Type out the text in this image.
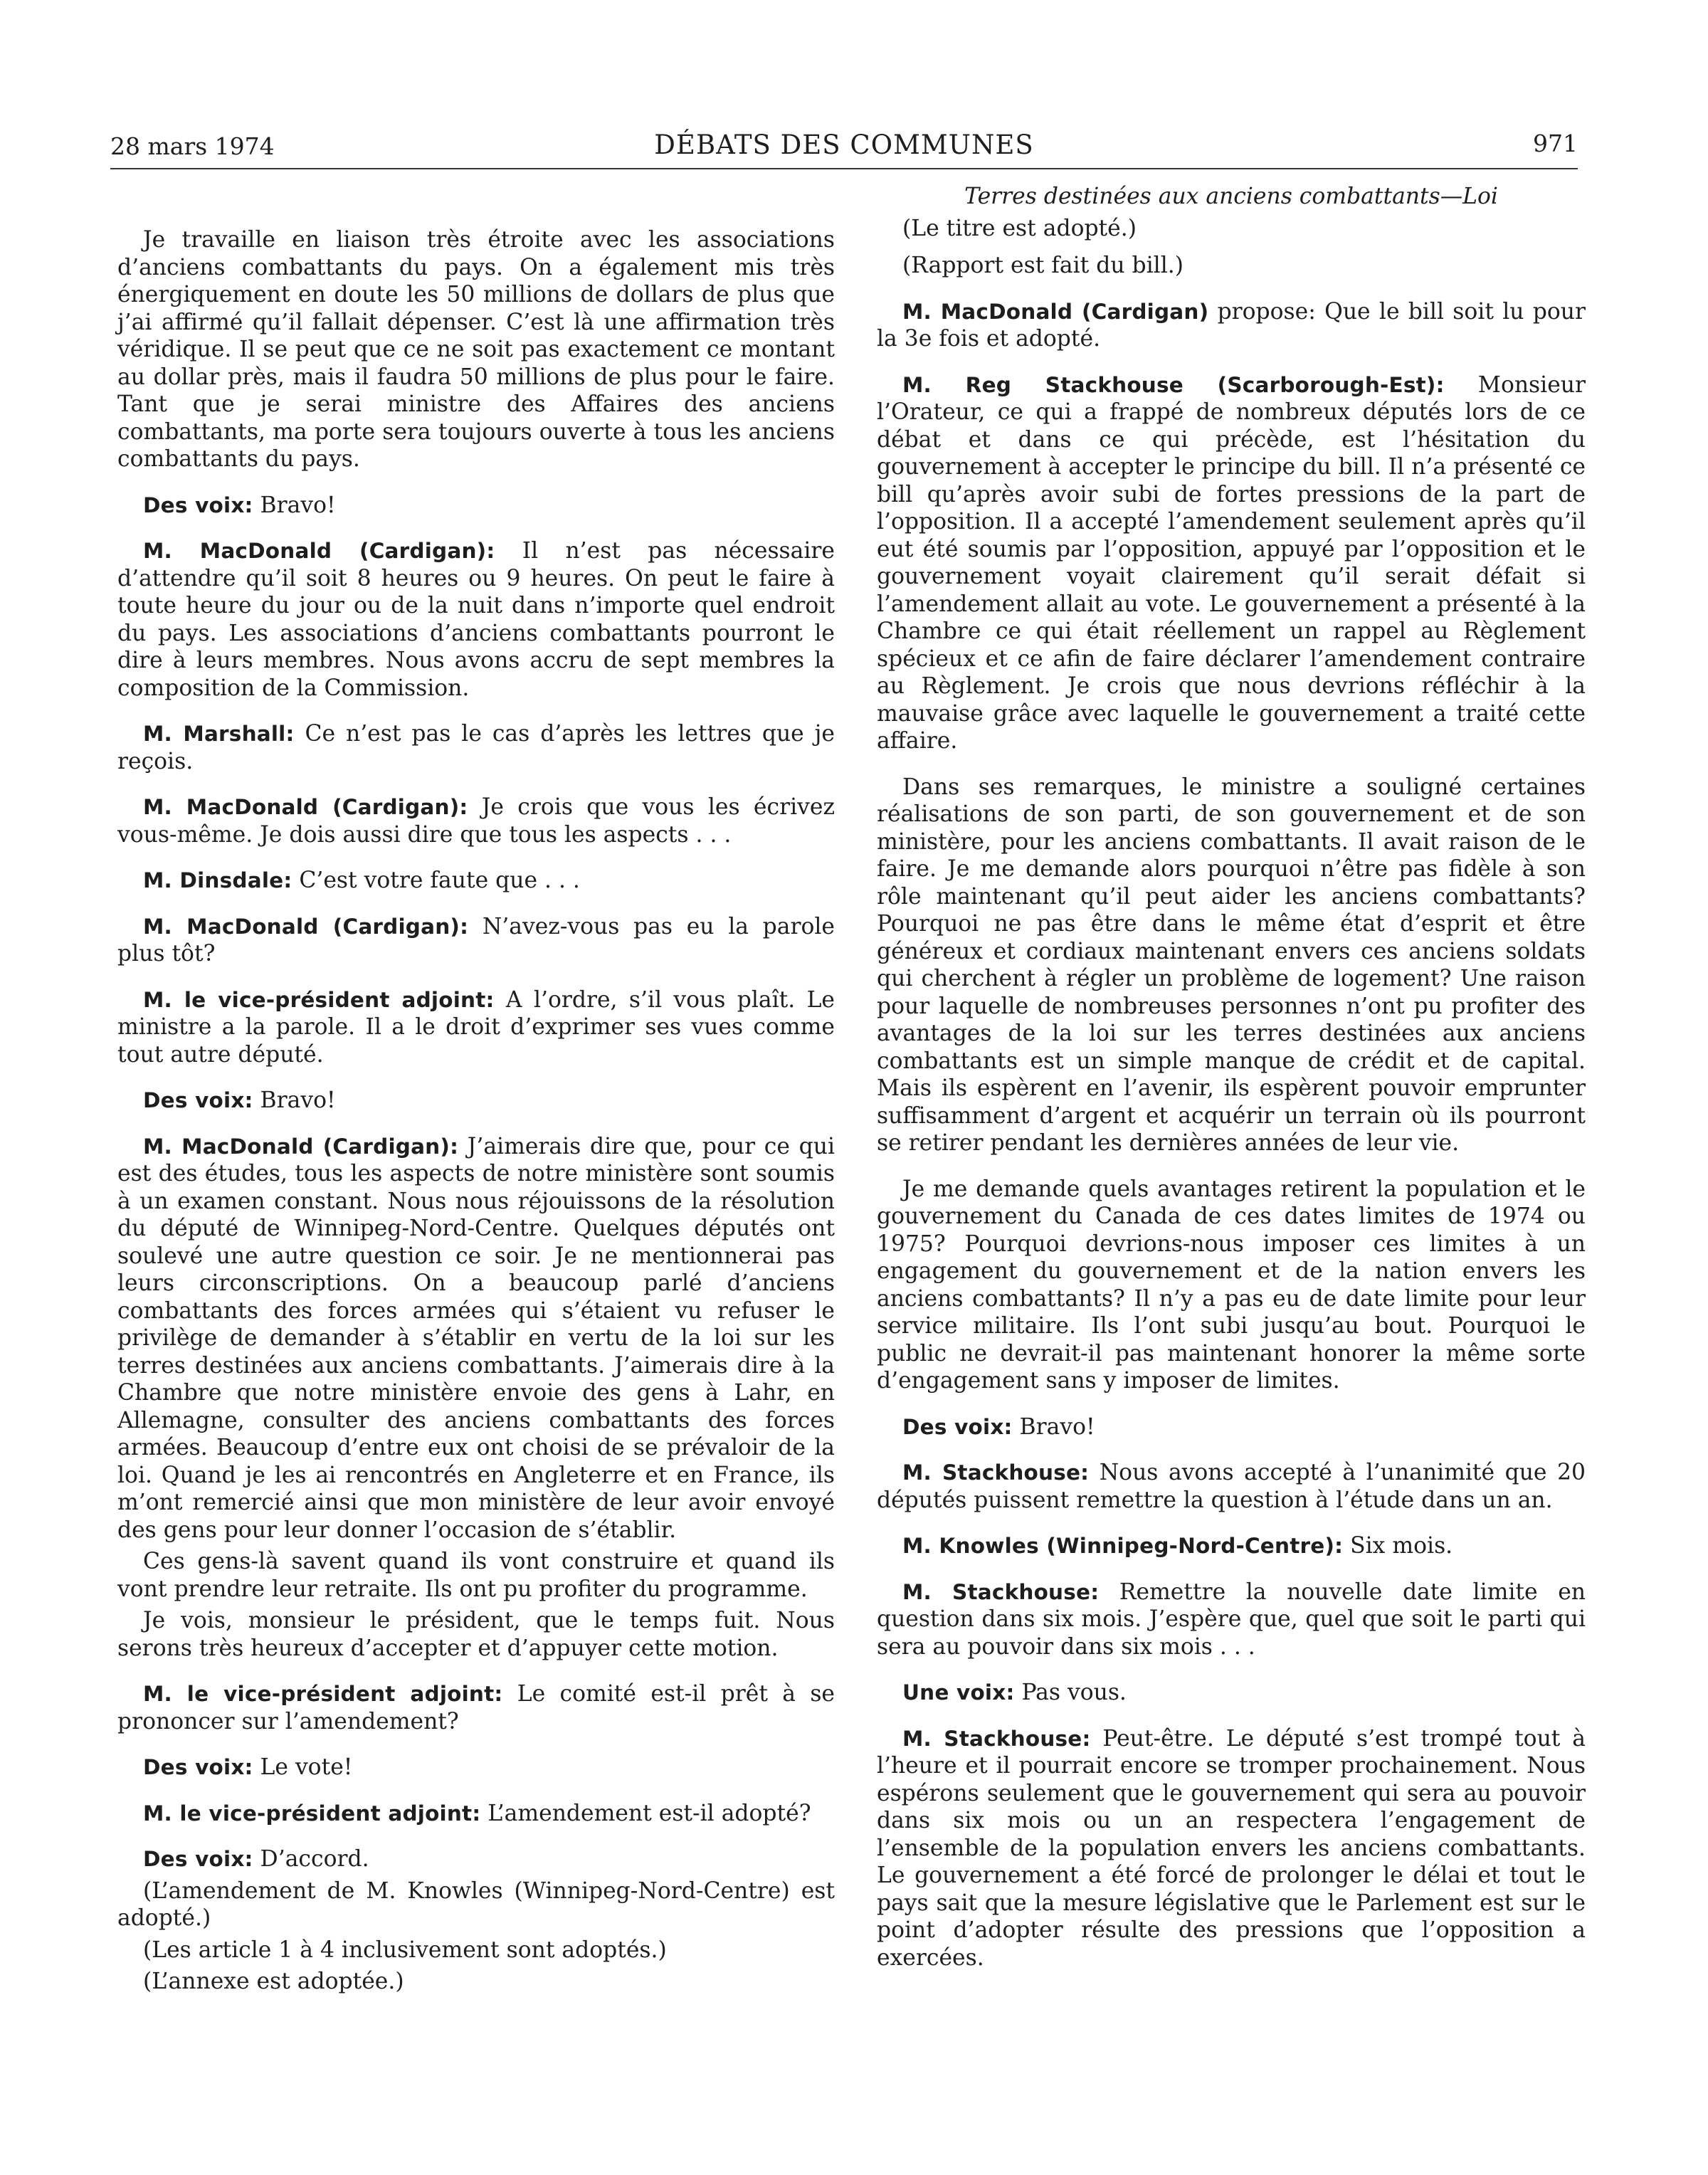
28 mars 1974	DÉBATS DES COMMUNES	971

Je travaille en liaison très étroite avec les associations d’anciens combattants du pays. On a également mis très énergiquement en doute les 50 millions de dollars de plus que j’ai affirmé qu’il fallait dépenser. C’est là une affirmation très véridique. Il se peut que ce ne soit pas exactement ce montant au dollar près, mais il faudra 50 millions de plus pour le faire. Tant que je serai ministre des Affaires des anciens combattants, ma porte sera toujours ouverte à tous les anciens combattants du pays.

Des voix: Bravo!

M. MacDonald (Cardigan): Il n’est pas nécessaire d’attendre qu’il soit 8 heures ou 9 heures. On peut le faire à toute heure du jour ou de la nuit dans n’importe quel endroit du pays. Les associations d’anciens combattants pourront le dire à leurs membres. Nous avons accru de sept membres la composition de la Commission.

M. Marshall: Ce n’est pas le cas d’après les lettres que je reçois.

M. MacDonald (Cardigan): Je crois que vous les écrivez vous-même. Je dois aussi dire que tous les aspects . . .

M. Dinsdale: C’est votre faute que . . .

M. MacDonald (Cardigan): N’avez-vous pas eu la parole plus tôt?

M. le vice-président adjoint: A l’ordre, s’il vous plaît. Le ministre a la parole. Il a le droit d’exprimer ses vues comme tout autre député.

Des voix: Bravo!

M. MacDonald (Cardigan): J’aimerais dire que, pour ce qui est des études, tous les aspects de notre ministère sont soumis à un examen constant. Nous nous réjouissons de la résolution du député de Winnipeg-Nord-Centre. Quelques députés ont soulevé une autre question ce soir. Je ne mentionnerai pas leurs circonscriptions. On a beaucoup parlé d’anciens combattants des forces armées qui s’étaient vu refuser le privilège de demander à s’établir en vertu de la loi sur les terres destinées aux anciens combattants. J’aimerais dire à la Chambre que notre ministère envoie des gens à Lahr, en Allemagne, consulter des anciens combattants des forces armées. Beaucoup d’entre eux ont choisi de se prévaloir de la loi. Quand je les ai rencontrés en Angleterre et en France, ils m’ont remercié ainsi que mon ministère de leur avoir envoyé des gens pour leur donner l’occasion de s’établir.

Ces gens-là savent quand ils vont construire et quand ils vont prendre leur retraite. Ils ont pu profiter du programme.

Je vois, monsieur le président, que le temps fuit. Nous serons très heureux d’accepter et d’appuyer cette motion.

M. le vice-président adjoint: Le comité est-il prêt à se prononcer sur l’amendement?

Des voix: Le vote!

M. le vice-président adjoint: L’amendement est-il adopté?

Des voix: D’accord.

(L’amendement de M. Knowles (Winnipeg-Nord-Centre) est adopté.)

(Les article 1 à 4 inclusivement sont adoptés.)

(L’annexe est adoptée.)

Terres destinées aux anciens combattants—Loi

(Le titre est adopté.)

(Rapport est fait du bill.)

M. MacDonald (Cardigan) propose: Que le bill soit lu pour la 3e fois et adopté.

M. Reg Stackhouse (Scarborough-Est): Monsieur l’Orateur, ce qui a frappé de nombreux députés lors de ce débat et dans ce qui précède, est l’hésitation du gouvernement à accepter le principe du bill. Il n’a présenté ce bill qu’après avoir subi de fortes pressions de la part de l’opposition. Il a accepté l’amendement seulement après qu’il eut été soumis par l’opposition, appuyé par l’opposition et le gouvernement voyait clairement qu’il serait défait si l’amendement allait au vote. Le gouvernement a présenté à la Chambre ce qui était réellement un rappel au Règlement spécieux et ce afin de faire déclarer l’amendement contraire au Règlement. Je crois que nous devrions réfléchir à la mauvaise grâce avec laquelle le gouvernement a traité cette affaire.

Dans ses remarques, le ministre a souligné certaines réalisations de son parti, de son gouvernement et de son ministère, pour les anciens combattants. Il avait raison de le faire. Je me demande alors pourquoi n’être pas fidèle à son rôle maintenant qu’il peut aider les anciens combattants? Pourquoi ne pas être dans le même état d’esprit et être généreux et cordiaux maintenant envers ces anciens soldats qui cherchent à régler un problème de logement? Une raison pour laquelle de nombreuses personnes n’ont pu profiter des avantages de la loi sur les terres destinées aux anciens combattants est un simple manque de crédit et de capital. Mais ils espèrent en l’avenir, ils espèrent pouvoir emprunter suffisamment d’argent et acquérir un terrain où ils pourront se retirer pendant les dernières années de leur vie.

Je me demande quels avantages retirent la population et le gouvernement du Canada de ces dates limites de 1974 ou 1975? Pourquoi devrions-nous imposer ces limites à un engagement du gouvernement et de la nation envers les anciens combattants? Il n’y a pas eu de date limite pour leur service militaire. Ils l’ont subi jusqu’au bout. Pourquoi le public ne devrait-il pas maintenant honorer la même sorte d’engagement sans y imposer de limites.

Des voix: Bravo!

M. Stackhouse: Nous avons accepté à l’unanimité que 20 députés puissent remettre la question à l’étude dans un an.

M. Knowles (Winnipeg-Nord-Centre): Six mois.

M. Stackhouse: Remettre la nouvelle date limite en question dans six mois. J’espère que, quel que soit le parti qui sera au pouvoir dans six mois . . .

Une voix: Pas vous.

M. Stackhouse: Peut-être. Le député s’est trompé tout à l’heure et il pourrait encore se tromper prochainement. Nous espérons seulement que le gouvernement qui sera au pouvoir dans six mois ou un an respectera l’engagement de l’ensemble de la population envers les anciens combattants. Le gouvernement a été forcé de prolonger le délai et tout le pays sait que la mesure législative que le Parlement est sur le point d’adopter résulte des pressions que l’opposition a exercées.
